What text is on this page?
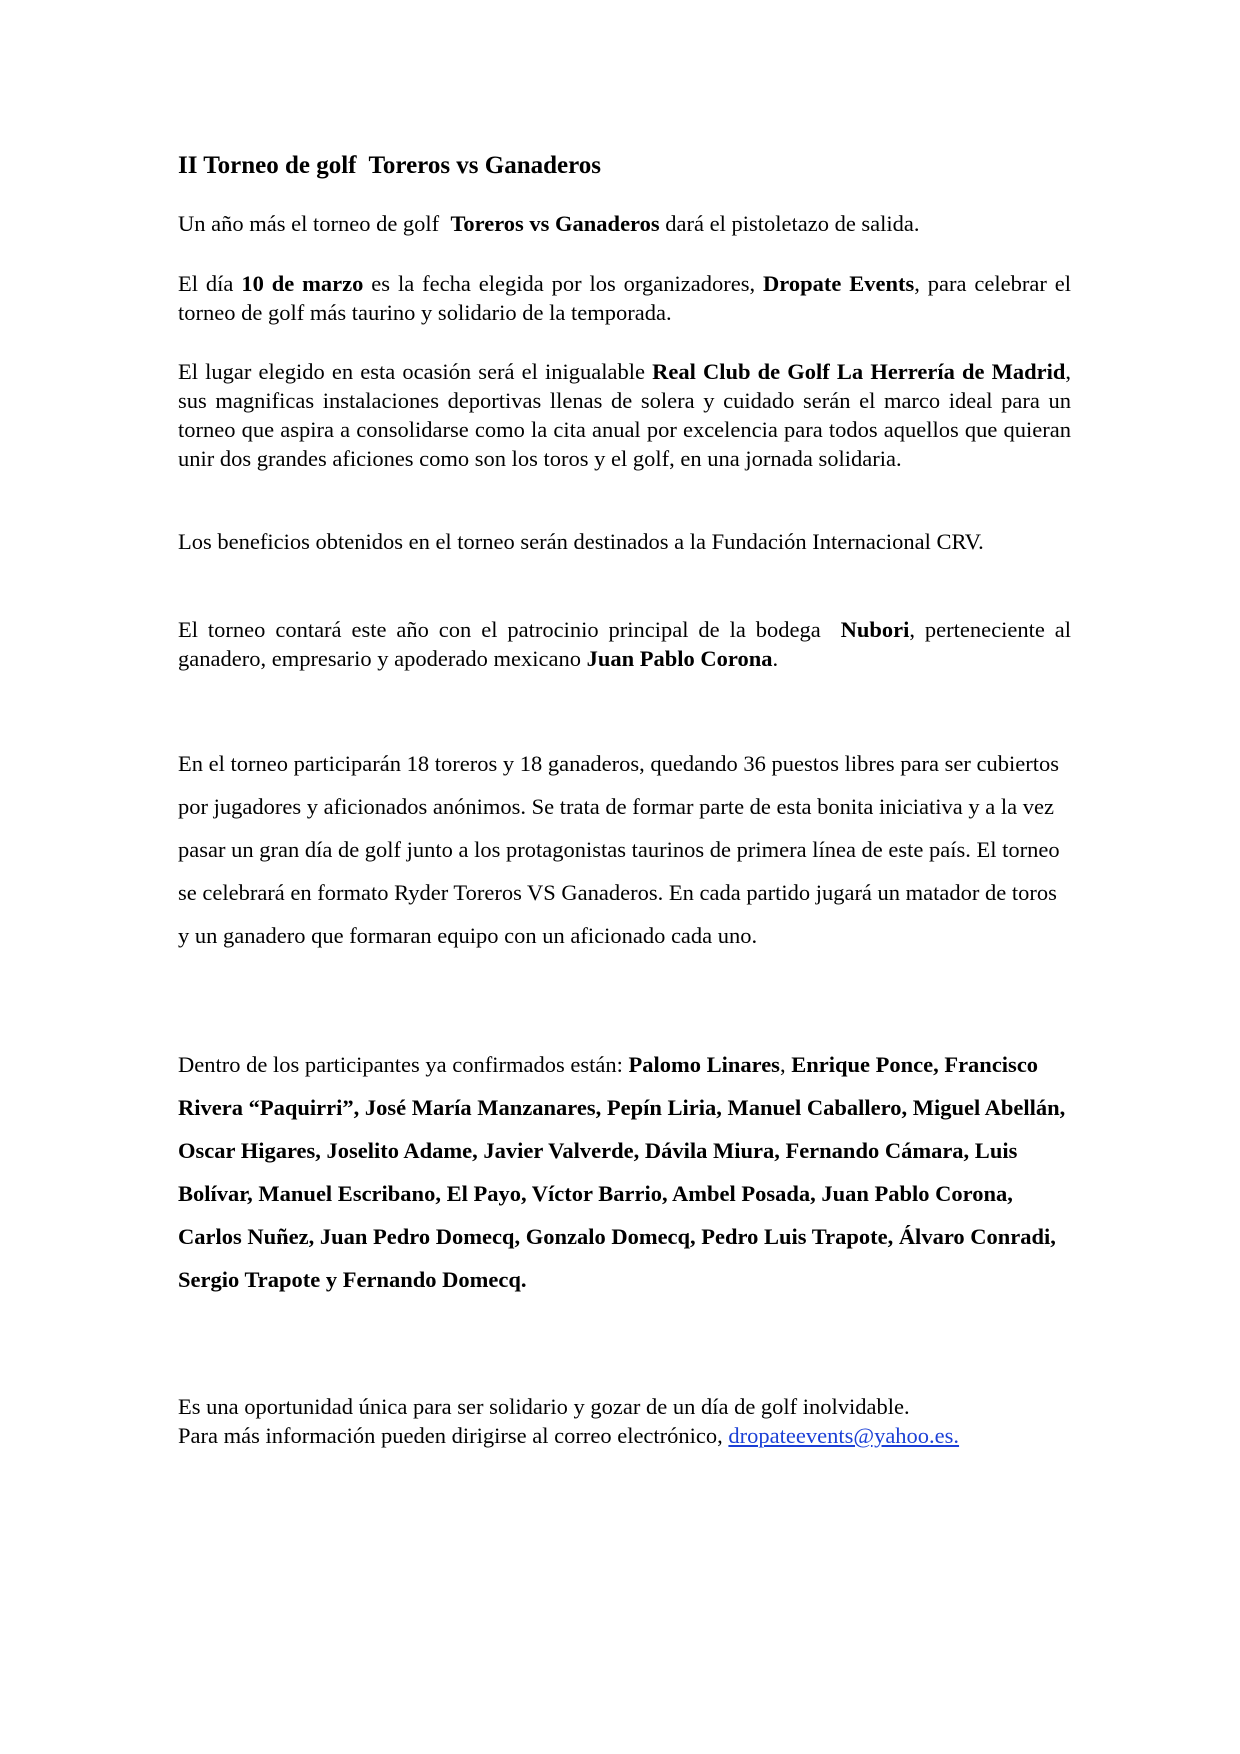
II Torneo de golf  Toreros vs Ganaderos

Un año más el torneo de golf  Toreros vs Ganaderos dará el pistoletazo de salida.

El día 10 de marzo es la fecha elegida por los organizadores, Dropate Events, para celebrar el torneo de golf más taurino y solidario de la temporada.

El lugar elegido en esta ocasión será el inigualable Real Club de Golf La Herrería de Madrid, sus magnificas instalaciones deportivas llenas de solera y cuidado serán el marco ideal para un torneo que aspira a consolidarse como la cita anual por excelencia para todos aquellos que quieran unir dos grandes aficiones como son los toros y el golf, en una jornada solidaria.

Los beneficios obtenidos en el torneo serán destinados a la Fundación Internacional CRV.

El torneo contará este año con el patrocinio principal de la bodega  Nubori, perteneciente al ganadero, empresario y apoderado mexicano Juan Pablo Corona.

En el torneo participarán 18 toreros y 18 ganaderos, quedando 36 puestos libres para ser cubiertos por jugadores y aficionados anónimos. Se trata de formar parte de esta bonita iniciativa y a la vez pasar un gran día de golf junto a los protagonistas taurinos de primera línea de este país. El torneo se celebrará en formato Ryder Toreros VS Ganaderos. En cada partido jugará un matador de toros y un ganadero que formaran equipo con un aficionado cada uno.

Dentro de los participantes ya confirmados están: Palomo Linares, Enrique Ponce, Francisco Rivera “Paquirri”, José María Manzanares, Pepín Liria, Manuel Caballero, Miguel Abellán, Oscar Higares, Joselito Adame, Javier Valverde, Dávila Miura, Fernando Cámara, Luis Bolívar, Manuel Escribano, El Payo, Víctor Barrio, Ambel Posada, Juan Pablo Corona, Carlos Nuñez, Juan Pedro Domecq, Gonzalo Domecq, Pedro Luis Trapote, Álvaro Conradi, Sergio Trapote y Fernando Domecq.

Es una oportunidad única para ser solidario y gozar de un día de golf inolvidable.
Para más información pueden dirigirse al correo electrónico, dropateevents@yahoo.es.
